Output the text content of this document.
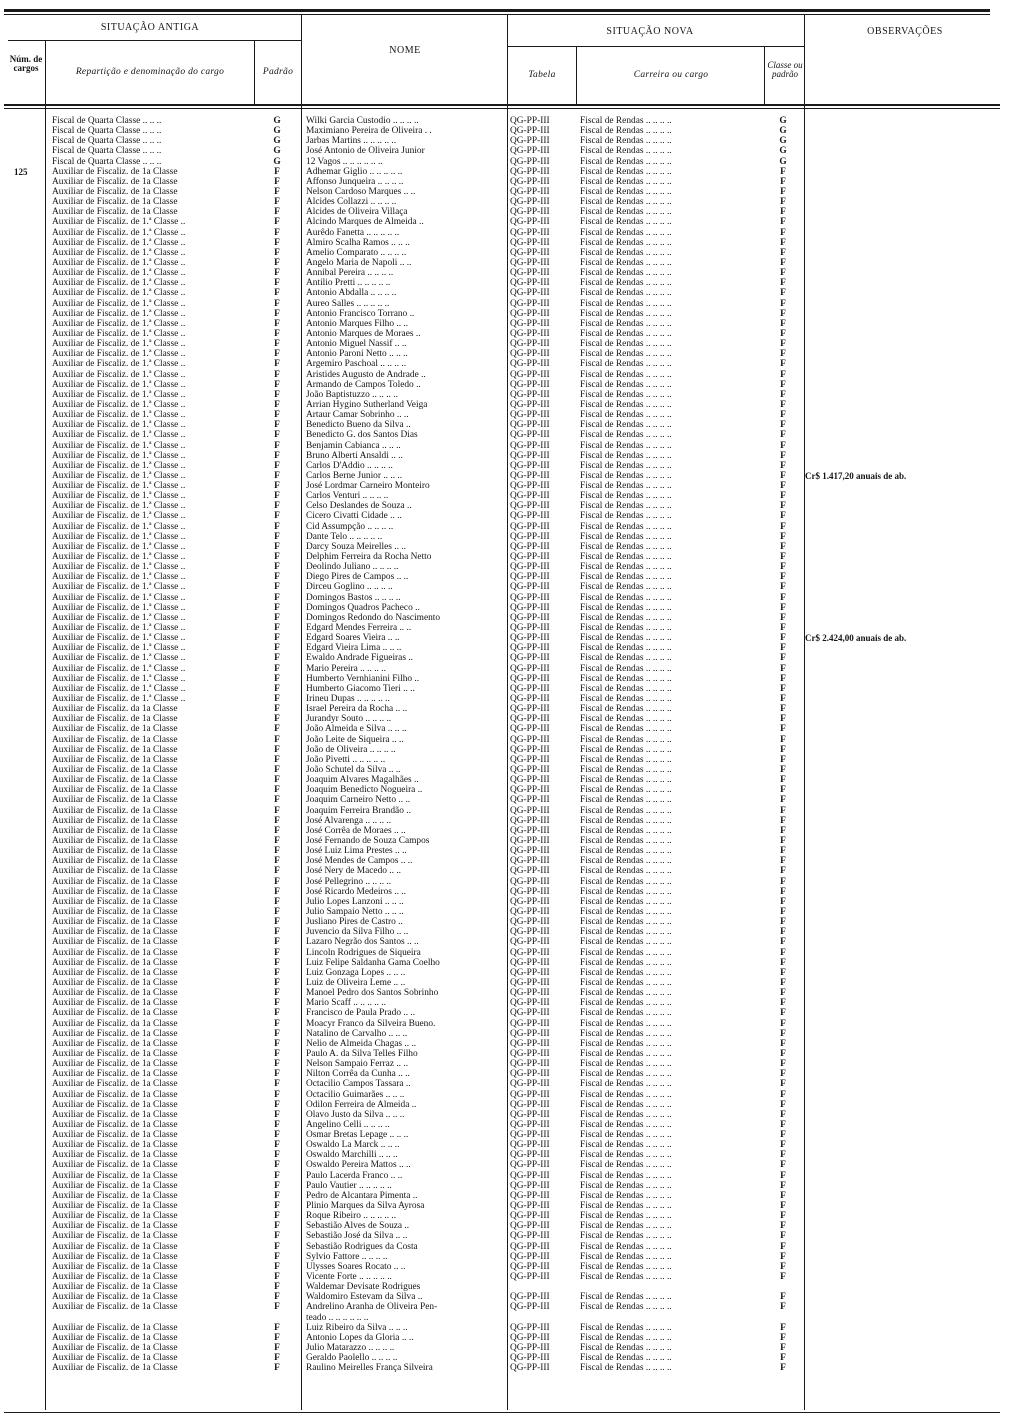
SITUAÇÃO ANTIGA	SITUAÇÃO NOVA	OBSERVAÇÕES
Núm. de cargos	Repartição e denominação do cargo	Padrão
NOME
Tabela	Carreira ou cargo
Classe ou padrão
Fiscal de Quarta Classe .. .. ..	G	Wilki Garcia Custodio .. .. .. ..	QG-PP-III	Fiscal de Rendas .. .. .. ..	G
Fiscal de Quarta Classe .. .. ..	G	Maximiano Pereira de Oliveira . .	QG-PP-III	Fiscal de Rendas .. .. .. ..	G
Fiscal de Quarta Classe .. .. ..	G	Jarbas Martins .. .. .. .. ..	QG-PP-III	Fiscal de Rendas .. .. .. ..	G
Fiscal de Quarta Classe .. .. ..	G	José Antonio de Oliveira Junior	QG-PP-III	Fiscal de Rendas .. .. .. ..	G
Fiscal de Quarta Classe .. .. ..	G	12 Vagos .. .. .. .. .. ..	QG-PP-III	Fiscal de Rendas .. .. .. ..	G
125	Auxiliar de Fiscaliz. de 1a Classe	F	Adhemar Giglio .. .. .. .. ..	QG-PP-III	Fiscal de Rendas .. .. .. ..	F
Auxiliar de Fiscaliz. de 1a Classe	F	Affonso Junqueira .. .. .. ..	QG-PP-III	Fiscal de Rendas .. .. .. ..	F
Auxiliar de Fiscaliz. de 1a Classe	F	Nelson Cardoso Marques .. ..	QG-PP-III	Fiscal de Rendas .. .. .. ..	F
Auxiliar de Fiscaliz. de 1a Classe	F	Alcides Collazzi .. .. .. ..	QG-PP-III	Fiscal de Rendas .. .. .. ..	F
Auxiliar de Fiscaliz. de 1a Classe	F	Alcides de Oliveira Villaça	QG-PP-III	Fiscal de Rendas .. .. .. ..	F
Auxiliar de Fiscaliz. de 1.ª Classe ..	F	Alcindo Marques de Almeida ..	QG-PP-III	Fiscal de Rendas .. .. .. ..	F
Auxiliar de Fiscaliz. de 1.ª Classe ..	F	Aurêdo Fanetta .. .. .. .. ..	QG-PP-III	Fiscal de Rendas .. .. .. ..	F
Auxiliar de Fiscaliz. de 1.ª Classe ..	F	Almiro Scalha Ramos .. .. ..	QG-PP-III	Fiscal de Rendas .. .. .. ..	F
Auxiliar de Fiscaliz. de 1.ª Classe ..	F	Amelio Comparato .. .. .. ..	QG-PP-III	Fiscal de Rendas .. .. .. ..	F
Auxiliar de Fiscaliz. de 1.ª Classe ..	F	Angelo Maria de Napoli .. ..	QG-PP-III	Fiscal de Rendas .. .. .. ..	F
Auxiliar de Fiscaliz. de 1.ª Classe ..	F	Annibal Pereira .. .. .. ..	QG-PP-III	Fiscal de Rendas .. .. .. ..	F
Auxiliar de Fiscaliz. de 1.ª Classe ..	F	Antilio Pretti .. .. .. .. ..	QG-PP-III	Fiscal de Rendas .. .. .. ..	F
Auxiliar de Fiscaliz. de 1.ª Classe ..	F	Antonio Abdalla .. .. .. ..	QG-PP-III	Fiscal de Rendas .. .. .. ..	F
Auxiliar de Fiscaliz. de 1.ª Classe ..	F	Aureo Salles .. .. .. .. ..	QG-PP-III	Fiscal de Rendas .. .. .. ..	F
Auxiliar de Fiscaliz. de 1.ª Classe ..	F	Antonio Francisco Torrano ..	QG-PP-III	Fiscal de Rendas .. .. .. ..	F
Auxiliar de Fiscaliz. de 1.ª Classe ..	F	Antonio Marques Filho .. ..	QG-PP-III	Fiscal de Rendas .. .. .. ..	F
Auxiliar de Fiscaliz. de 1.ª Classe ..	F	Antonio Marques de Moraes ..	QG-PP-III	Fiscal de Rendas .. .. .. ..	F
Auxiliar de Fiscaliz. de 1.ª Classe ..	F	Antonio Miguel Nassif .. ..	QG-PP-III	Fiscal de Rendas .. .. .. ..	F
Auxiliar de Fiscaliz. de 1.ª Classe ..	F	Antonio Paroni Netto .. .. ..	QG-PP-III	Fiscal de Rendas .. .. .. ..	F
Auxiliar de Fiscaliz. de 1.ª Classe ..	F	Argemiro Paschoal .. .. .. ..	QG-PP-III	Fiscal de Rendas .. .. .. ..	F
Auxiliar de Fiscaliz. de 1.ª Classe ..	F	Aristides Augusto de Andrade ..	QG-PP-III	Fiscal de Rendas .. .. .. ..	F
Auxiliar de Fiscaliz. de 1.ª Classe ..	F	Armando de Campos Toledo ..	QG-PP-III	Fiscal de Rendas .. .. .. ..	F
Auxiliar de Fiscaliz. de 1.ª Classe ..	F	João Baptistuzzo .. .. .. ..	QG-PP-III	Fiscal de Rendas .. .. .. ..	F
Auxiliar de Fiscaliz. de 1.ª Classe ..	F	Arrian Hygino Sutherland Veiga	QG-PP-III	Fiscal de Rendas .. .. .. ..	F
Auxiliar de Fiscaliz. de 1.ª Classe ..	F	Artaur Camar Sobrinho .. ..	QG-PP-III	Fiscal de Rendas .. .. .. ..	F
Auxiliar de Fiscaliz. de 1.ª Classe ..	F	Benedicto Bueno da Silva ..	QG-PP-III	Fiscal de Rendas .. .. .. ..	F
Auxiliar de Fiscaliz. de 1.ª Classe ..	F	Benedicto G. dos Santos Dias	QG-PP-III	Fiscal de Rendas .. .. .. ..	F
Auxiliar de Fiscaliz. de 1.ª Classe ..	F	Benjamin Cabianca .. .. ..	QG-PP-III	Fiscal de Rendas .. .. .. ..	F
Auxiliar de Fiscaliz. de 1.ª Classe ..	F	Bruno Alberti Ansaldi .. ..	QG-PP-III	Fiscal de Rendas .. .. .. ..	F
Auxiliar de Fiscaliz. de 1.ª Classe ..	F	Carlos D'Addio .. .. .. ..	QG-PP-III	Fiscal de Rendas .. .. .. ..	F
Auxiliar de Fiscaliz. de 1.ª Classe ..	F	Carlos Berne Junior .. .. ..	QG-PP-III	Fiscal de Rendas .. .. .. ..	F	Cr$ 1.417,20 anuais de ab.
Auxiliar de Fiscaliz. de 1.ª Classe ..	F	José Lordmar Carneiro Monteiro	QG-PP-III	Fiscal de Rendas .. .. .. ..	F
Auxiliar de Fiscaliz. de 1.ª Classe ..	F	Carlos Venturi .. .. .. ..	QG-PP-III	Fiscal de Rendas .. .. .. ..	F
Auxiliar de Fiscaliz. de 1.ª Classe ..	F	Celso Deslandes de Souza ..	QG-PP-III	Fiscal de Rendas .. .. .. ..	F
Auxiliar de Fiscaliz. de 1.ª Classe ..	F	Cicero Civatti Cidade .. ..	QG-PP-III	Fiscal de Rendas .. .. .. ..	F
Auxiliar de Fiscaliz. de 1.ª Classe ..	F	Cid Assumpção .. .. .. ..	QG-PP-III	Fiscal de Rendas .. .. .. ..	F
Auxiliar de Fiscaliz. de 1.ª Classe ..	F	Dante Telo .. .. .. .. ..	QG-PP-III	Fiscal de Rendas .. .. .. ..	F
Auxiliar de Fiscaliz. de 1.ª Classe ..	F	Darcy Souza Meirelles .. ..	QG-PP-III	Fiscal de Rendas .. .. .. ..	F
Auxiliar de Fiscaliz. de 1.ª Classe ..	F	Delphim Ferreira da Rocha Netto	QG-PP-III	Fiscal de Rendas .. .. .. ..	F
Auxiliar de Fiscaliz. de 1.ª Classe ..	F	Deolindo Juliano .. .. .. ..	QG-PP-III	Fiscal de Rendas .. .. .. ..	F
Auxiliar de Fiscaliz. de 1.ª Classe ..	F	Diego Pires de Campos .. ..	QG-PP-III	Fiscal de Rendas .. .. .. ..	F
Auxiliar de Fiscaliz. de 1.ª Classe ..	F	Dirceu Goglino .. .. .. ..	QG-PP-III	Fiscal de Rendas .. .. .. ..	F
Auxiliar de Fiscaliz. de 1.ª Classe ..	F	Domingos Bastos .. .. .. ..	QG-PP-III	Fiscal de Rendas .. .. .. ..	F
Auxiliar de Fiscaliz. de 1.ª Classe ..	F	Domingos Quadros Pacheco ..	QG-PP-III	Fiscal de Rendas .. .. .. ..	F
Auxiliar de Fiscaliz. de 1.ª Classe ..	F	Domingos Redondo do Nascimento	QG-PP-III	Fiscal de Rendas .. .. .. ..	F
Auxiliar de Fiscaliz. de 1.ª Classe ..	F	Edgard Mendes Ferreira .. ..	QG-PP-III	Fiscal de Rendas .. .. .. ..	F
Auxiliar de Fiscaliz. de 1.ª Classe ..	F	Edgard Soares Vieira .. ..	QG-PP-III	Fiscal de Rendas .. .. .. ..	F	Cr$ 2.424,00 anuais de ab.
Auxiliar de Fiscaliz. de 1.ª Classe ..	F	Edgard Vieira Lima .. .. ..	QG-PP-III	Fiscal de Rendas .. .. .. ..	F
Auxiliar de Fiscaliz. de 1.ª Classe ..	F	Ewaldo Andrade Figueiras ..	QG-PP-III	Fiscal de Rendas .. .. .. ..	F
Auxiliar de Fiscaliz. de 1.ª Classe ..	F	Mario Pereira .. .. .. ..	QG-PP-III	Fiscal de Rendas .. .. .. ..	F
Auxiliar de Fiscaliz. de 1.ª Classe ..	F	Humberto Vernhianini Filho ..	QG-PP-III	Fiscal de Rendas .. .. .. ..	F
Auxiliar de Fiscaliz. de 1.ª Classe ..	F	Humberto Giacomo Tieri .. ..	QG-PP-III	Fiscal de Rendas .. .. .. ..	F
Auxiliar de Fiscaliz. de 1.ª Classe ..	F	Irineu Dupas .. .. .. .. ..	QG-PP-III	Fiscal de Rendas .. .. .. ..	F
Auxiliar de Fiscaliz. da 1a Classe	F	Israel Pereira da Rocha .. ..	QG-PP-III	Fiscal de Rendas .. .. .. ..	F
Auxiliar de Fiscaliz. de 1a Classe	F	Jurandyr Souto .. .. .. ..	QG-PP-III	Fiscal de Rendas .. .. .. ..	F
Auxiliar de Fiscaliz. de 1a Classe	F	João Almeida e Silva .. .. ..	QG-PP-III	Fiscal de Rendas .. .. .. ..	F
Auxiliar de Fiscaliz. de 1a Classe	F	João Leite de Siqueira .. ..	QG-PP-III	Fiscal de Rendas .. .. .. ..	F
Auxiliar de Fiscaliz. de 1a Classe	F	João de Oliveira .. .. .. ..	QG-PP-III	Fiscal de Rendas .. .. .. ..	F
Auxiliar de Fiscaliz. de 1a Classe	F	João Pivetti .. .. .. .. ..	QG-PP-III	Fiscal de Rendas .. .. .. ..	F
Auxiliar de Fiscaliz. de 1a Classe	F	João Schutel da Silva .. ..	QG-PP-III	Fiscal de Rendas .. .. .. ..	F
Auxiliar de Fiscaliz. de 1a Classe	F	Joaquim Alvares Magalhães ..	QG-PP-III	Fiscal de Rendas .. .. .. ..	F
Auxiliar de Fiscaliz. de 1a Classe	F	Joaquim Benedicto Nogueira ..	QG-PP-III	Fiscal de Rendas .. .. .. ..	F
Auxiliar de Fiscaliz. de 1a Classe	F	Joaquim Carneiro Netto .. ..	QG-PP-III	Fiscal de Rendas .. .. .. ..	F
Auxiliar de Fiscaliz. de 1a Classe	F	Joaquim Ferreira Brandão ..	QG-PP-III	Fiscal de Rendas .. .. .. ..	F
Auxiliar de Fiscaliz. de 1a Classe	F	José Alvarenga .. .. .. ..	QG-PP-III	Fiscal de Rendas .. .. .. ..	F
Auxiliar de Fiscaliz. de 1a Classe	F	José Corrêa de Moraes .. ..	QG-PP-III	Fiscal de Rendas .. .. .. ..	F
Auxiliar de Fiscaliz. de 1a Classe	F	José Fernando de Souza Campos	QG-PP-III	Fiscal de Rendas .. .. .. ..	F
Auxiliar de Fiscaliz. de 1a Classe	F	José Luiz Lima Prestes .. ..	QG-PP-III	Fiscal de Rendas .. .. .. ..	F
Auxiliar de Fiscaliz. de 1a Classe	F	José Mendes de Campos .. ..	QG-PP-III	Fiscal de Rendas .. .. .. ..	F
Auxiliar de Fiscaliz. de 1a Classe	F	José Nery de Macedo .. ..	QG-PP-III	Fiscal de Rendas .. .. .. ..	F
Auxiliar de Fiscaliz. de 1a Classe	F	José Pellegrino .. .. .. ..	QG-PP-III	Fiscal de Rendas .. .. .. ..	F
Auxiliar de Fiscaliz. de 1a Classe	F	José Ricardo Medeiros .. ..	QG-PP-III	Fiscal de Rendas .. .. .. ..	F
Auxiliar de Fiscaliz. de 1a Classe	F	Julio Lopes Lanzoni .. .. ..	QG-PP-III	Fiscal de Rendas .. .. .. ..	F
Auxiliar de Fiscaliz. de 1a Classe	F	Julio Sampaio Netto .. .. ..	QG-PP-III	Fiscal de Rendas .. .. .. ..	F
Auxiliar de Fiscaliz. de 1a Classe	F	Jusliano Pires de Castro ..	QG-PP-III	Fiscal de Rendas .. .. .. ..	F
Auxiliar de Fiscaliz. de 1a Classe	F	Juvencio da Silva Filho .. ..	QG-PP-III	Fiscal de Rendas .. .. .. ..	F
Auxiliar de Fiscaliz. de 1a Classe	F	Lazaro Negrão dos Santos .. ..	QG-PP-III	Fiscal de Rendas .. .. .. ..	F
Auxiliar de Fiscaliz. de 1a Classe	F	Lincoln Rodrigues de Siqueira	QG-PP-III	Fiscal de Rendas .. .. .. ..	F
Auxiliar de Fiscaliz. de 1a Classe	F	Luiz Felipe Saldanha Gama Coelho	QG-PP-III	Fiscal de Rendas .. .. .. ..	F
Auxiliar de Fiscaliz. de 1a Classe	F	Luiz Gonzaga Lopes .. .. ..	QG-PP-III	Fiscal de Rendas .. .. .. ..	F
Auxiliar de Fiscaliz. de 1a Classe	F	Luiz de Oliveira Leme .. ..	QG-PP-III	Fiscal de Rendas .. .. .. ..	F
Auxiliar de Fiscaliz. de 1a Classe	F	Manoel Pedro dos Santos Sobrinho	QG-PP-III	Fiscal de Rendas .. .. .. ..	F
Auxiliar de Fiscaliz. de 1a Classe	F	Mario Scaff .. .. .. .. ..	QG-PP-III	Fiscal de Rendas .. .. .. ..	F
Auxiliar de Fiscaliz. de 1a Classe	F	Francisco de Paula Prado .. ..	QG-PP-III	Fiscal de Rendas .. .. .. ..	F
Auxiliar de Fiscaliz. da 1a Classe	F	Moacyr Franco da Silveira Bueno.	QG-PP-III	Fiscal de Rendas .. .. .. ..	F
Auxiliar de Fiscaliz. de 1a Classe	F	Natalino de Carvalho .. .. ..	QG-PP-III	Fiscal de Rendas .. .. .. ..	F
Auxiliar de Fiscaliz. de 1a Classe	F	Nelio de Almeida Chagas .. ..	QG-PP-III	Fiscal de Rendas .. .. .. ..	F
Auxiliar de Fiscaliz. de 1a Classe	F	Paulo A. da Silva Telles Filho	QG-PP-III	Fiscal de Rendas .. .. .. ..	F
Auxiliar de Fiscaliz. de 1a Classe	F	Nelson Sampaio Ferraz .. ..	QG-PP-III	Fiscal de Rendas .. .. .. ..	F
Auxiliar de Fiscaliz. de 1a Classe	F	Nilton Corrêa da Cunha .. ..	QG-PP-III	Fiscal de Rendas .. .. .. ..	F
Auxiliar de Fiscaliz. de 1a Classe	F	Octacilio Campos Tassara ..	QG-PP-III	Fiscal de Rendas .. .. .. ..	F
Auxiliar de Fiscaliz. de 1a Classe	F	Octacilio Guimarães .. .. ..	QG-PP-III	Fiscal de Rendas .. .. .. ..	F
Auxiliar de Fiscaliz. de 1a Classe	F	Odilon Ferreira de Almeida ..	QG-PP-III	Fiscal de Rendas .. .. .. ..	F
Auxiliar de Fiscaliz. de 1a Classe	F	Olavo Justo da Silva .. .. ..	QG-PP-III	Fiscal de Rendas .. .. .. ..	F
Auxiliar de Fiscaliz. de 1a Classe	F	Angelino Celli .. .. .. ..	QG-PP-III	Fiscal de Rendas .. .. .. ..	F
Auxiliar de Fiscaliz. de 1a Classe	F	Osmar Bretas Lepage .. .. ..	QG-PP-III	Fiscal de Rendas .. .. .. ..	F
Auxiliar de Fiscaliz. de 1a Classe	F	Oswaldo La Marck .. .. ..	QG-PP-III	Fiscal de Rendas .. .. .. ..	F
Auxiliar de Fiscaliz. de 1a Classe	F	Oswaldo Marchilli .. .. ..	QG-PP-III	Fiscal de Rendas .. .. .. ..	F
Auxiliar de Fiscaliz. de 1a Classe	F	Oswaldo Pereira Mattos .. ..	QG-PP-III	Fiscal de Rendas .. .. .. ..	F
Auxiliar de Fiscaliz. de 1a Classe	F	Paulo Lacerda Franco .. ..	QG-PP-III	Fiscal de Rendas .. .. .. ..	F
Auxiliar de Fiscaliz. de 1a Classe	F	Paulo Vautier .. .. .. .. ..	QG-PP-III	Fiscal de Rendas .. .. .. ..	F
Auxiliar de Fiscaliz. de 1a Classe	F	Pedro de Alcantara Pimenta ..	QG-PP-III	Fiscal de Rendas .. .. .. ..	F
Auxiliar de Fiscaliz. de 1a Classe	F	Plinio Marques da Silva Ayrosa	QG-PP-III	Fiscal de Rendas .. .. .. ..	F
Auxiliar de Fiscaliz. de 1a Classe	F	Roque Ribeiro .. .. .. .. ..	QG-PP-III	Fiscal de Rendas .. .. .. ..	F
Auxiliar de Fiscaliz. de 1a Classe	F	Sebastião Alves de Souza ..	QG-PP-III	Fiscal de Rendas .. .. .. ..	F
Auxiliar de Fiscaliz. de 1a Classe	F	Sebastião José da Silva .. ..	QG-PP-III	Fiscal de Rendas .. .. .. ..	F
Auxiliar de Fiscaliz. de 1a Classe	F	Sebastião Rodrigues da Costa	QG-PP-III	Fiscal de Rendas .. .. .. ..	F
Auxiliar de Fiscaliz. de 1a Classe	F	Sylvio Fattore .. .. .. ..	QG-PP-III	Fiscal de Rendas .. .. .. ..	F
Auxiliar de Fiscaliz. de 1a Classe	F	Ulysses Soares Rocato .. ..	QG-PP-III	Fiscal de Rendas .. .. .. ..	F
Auxiliar de Fiscaliz. de 1a Classe	F	Vicente Forte .. .. .. .. ..	QG-PP-III	Fiscal de Rendas .. .. .. ..	F
Auxiliar de Fiscaliz. de 1a Classe	F	Waldemar Devisate Rodrigues
Auxiliar de Fiscaliz. de 1a Classe	F	Waldomiro Estevam da Silva ..	QG-PP-III	Fiscal de Rendas .. .. .. ..	F
Auxiliar de Fiscaliz. de 1a Classe	F	Andrelino Aranha de Oliveira Pen-	QG-PP-III	Fiscal de Rendas .. .. .. ..	F
teado .. .. .. .. .. ..
Auxiliar de Fiscaliz. de 1a Classe	F	Luiz Ribeiro da Silva .. .. ..	QG-PP-III	Fiscal de Rendas .. .. .. ..	F
Auxiliar de Fiscaliz. de 1a Classe	F	Antonio Lopes da Gloria .. ..	QG-PP-III	Fiscal de Rendas .. .. .. ..	F
Auxiliar de Fiscaliz. de 1a Classe	F	Julio Matarazzo .. .. .. ..	QG-PP-III	Fiscal de Rendas .. .. .. ..	F
Auxiliar de Fiscaliz. de 1a Classe	F	Geraldo Paolello .. .. .. ..	QG-PP-III	Fiscal de Rendas .. .. .. ..	F
Auxiliar de Fiscaliz. de 1a Classe	F	Raulino Meirelles França Silveira	QG-PP-III	Fiscal de Rendas .. .. .. ..	F
